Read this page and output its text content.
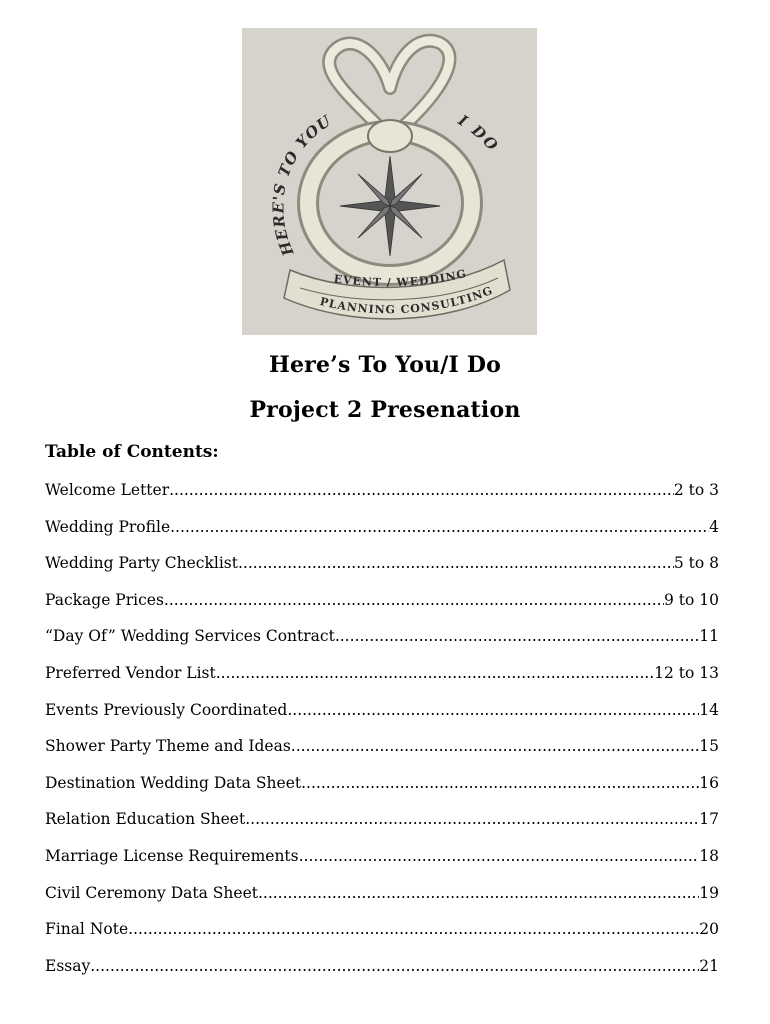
HERE'S TO YOU	I DO
EVENT / WEDDING
PLANNING CONSULTING
Here’s To You/I Do
Project 2 Presenation
Table of Contents:
Welcome Letter .....	2 to 3
Wedding Profile .....	4
Wedding Party Checklist .....	5 to 8
Package Prices .....	9 to 10
“Day Of” Wedding Services Contract .....	11
Preferred Vendor List .....	12 to 13
Events Previously Coordinated .....	14
Shower Party Theme and Ideas .....	15
Destination Wedding Data Sheet .....	16
Relation Education Sheet .....	17
Marriage License Requirements .....	18
Civil Ceremony Data Sheet .....	19
Final Note .....	20
Essay .....	21
